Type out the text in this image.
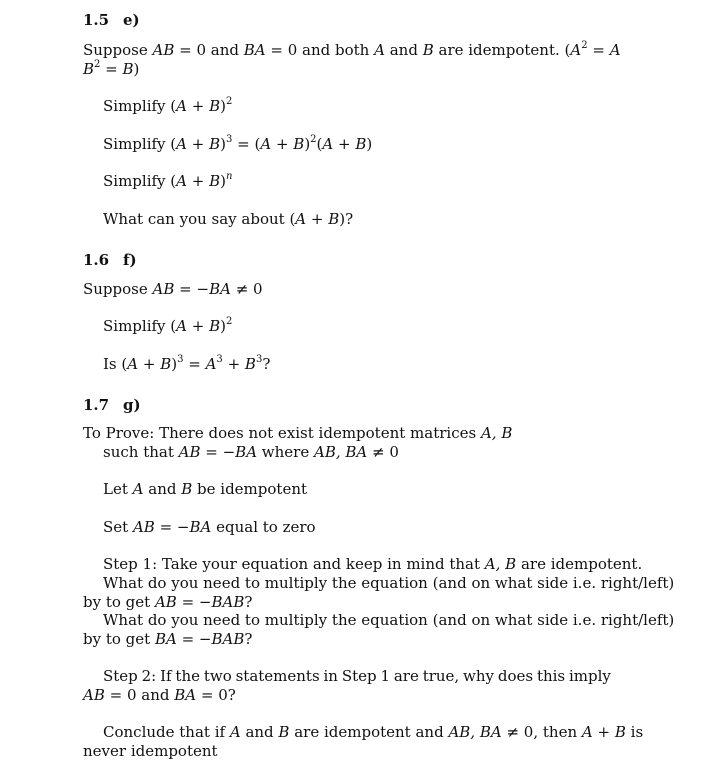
1.5 e)
Suppose AB = 0 and BA = 0 and both A and B are idempotent. ($A^2 = A$
$B^2 = B$)
Simplify $(A + B)^2$
Simplify $(A + B)^3 = (A + B)^2(A + B)$
Simplify $(A + B)^n$
What can you say about (A + B)?
1.6 f)
Suppose AB = −BA ≠ 0
Simplify $(A + B)^2$
Is $(A + B)^3 = A^3 + B^3$?
1.7 g)
To Prove: There does not exist idempotent matrices A, B
such that AB = −BA where AB, BA ≠ 0
Let A and B be idempotent
Set AB = −BA equal to zero
Step 1: Take your equation and keep in mind that A, B are idempotent.
What do you need to multiply the equation (and on what side i.e. right/left)
by to get AB = −BAB?
What do you need to multiply the equation (and on what side i.e. right/left)
by to get BA = −BAB?
Step 2: If the two statements in Step 1 are true, why does this imply
AB = 0 and BA = 0?
Conclude that if A and B are idempotent and AB, BA ≠ 0, then A + B is
never idempotent
